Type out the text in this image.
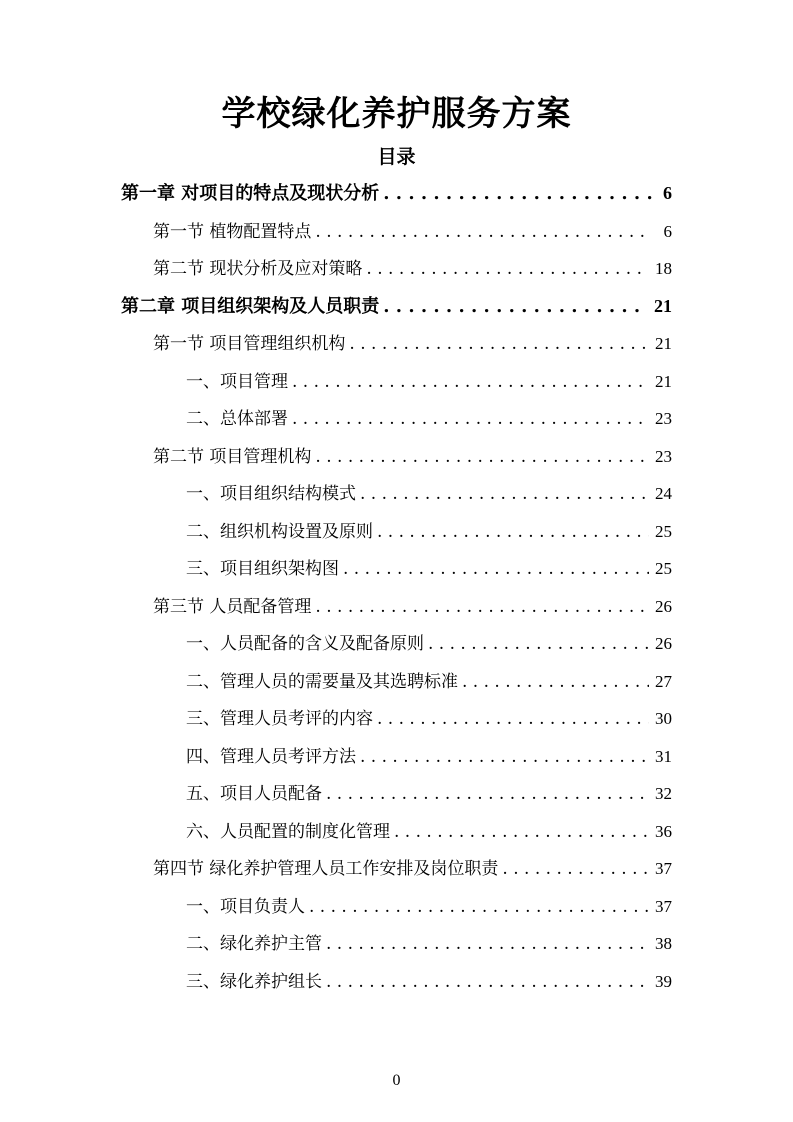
学校绿化养护服务方案
目录
第一章 对项目的特点及现状分析 . . .	6
第一节 植物配置特点 . . .	6
第二节 现状分析及应对策略 . . .	18
第二章 项目组织架构及人员职责 . . .	21
第一节 项目管理组织机构 . . .	21
一、项目管理 . . .	21
二、总体部署 . . .	23
第二节 项目管理机构 . . .	23
一、项目组织结构模式 . . .	24
二、组织机构设置及原则 . . .	25
三、项目组织架构图 . . .	25
第三节 人员配备管理 . . .	26
一、人员配备的含义及配备原则 . . .	26
二、管理人员的需要量及其选聘标准 . . .	27
三、管理人员考评的内容 . . .	30
四、管理人员考评方法 . . .	31
五、项目人员配备 . . .	32
六、人员配置的制度化管理 . . .	36
第四节 绿化养护管理人员工作安排及岗位职责 . . .	37
一、项目负责人 . . .	37
二、绿化养护主管 . . .	38
三、绿化养护组长 . . .	39
0
